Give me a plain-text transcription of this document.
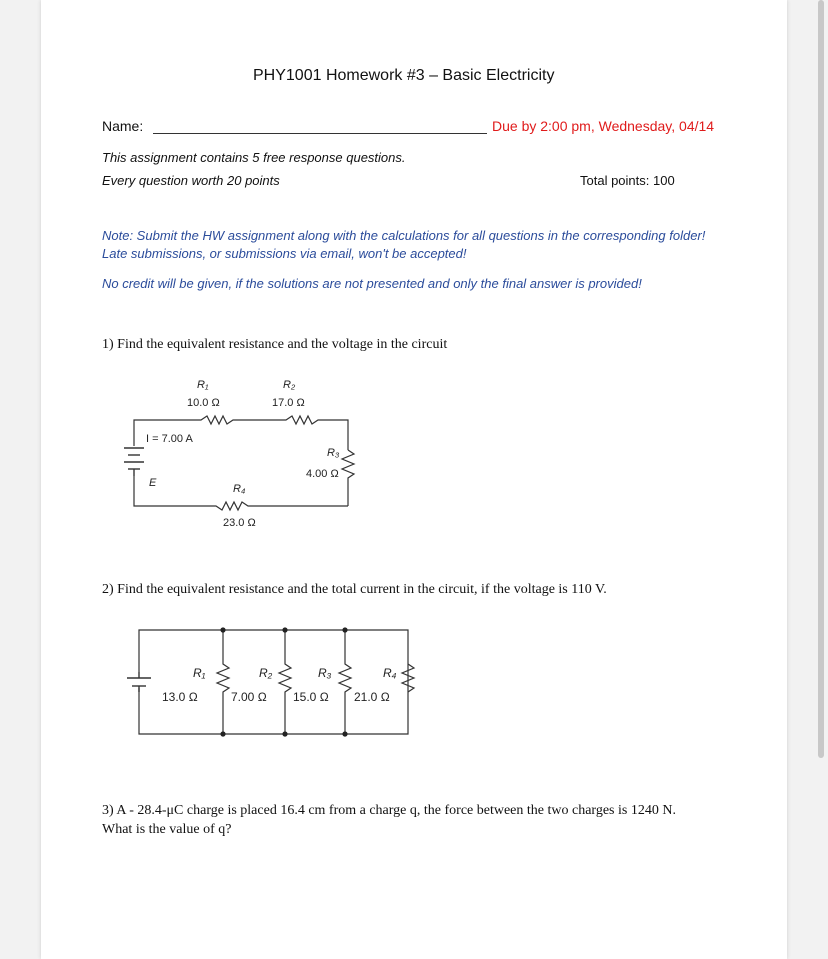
PHY1001 Homework #3 – Basic Electricity
Name:	Due by 2:00 pm, Wednesday, 04/14
This assignment contains 5 free response questions.
Every question worth 20 points	Total points: 100
Note: Submit the HW assignment along with the calculations for all questions in the corresponding folder!
Late submissions, or submissions via email, won't be accepted!
No credit will be given, if the solutions are not presented and only the final answer is provided!
1) Find the equivalent resistance and the voltage in the circuit
R₁
10.0 Ω
R₂
17.0 Ω
R₃
4.00 Ω
R₄
23.0 Ω
I = 7.00 A
E
2) Find the equivalent resistance and the total current in the circuit, if the voltage is 110 V.
R₁
13.0 Ω
R₂
7.00 Ω
R₃
15.0 Ω
R₄
21.0 Ω
3) A - 28.4-μC charge is placed 16.4 cm from a charge q, the force between the two charges is 1240 N.
What is the value of q?
